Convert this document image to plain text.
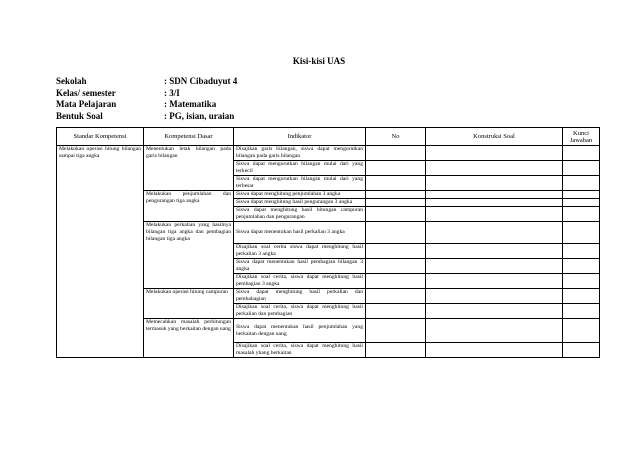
Kisi-kisi UAS
Sekolah	: SDN Cibaduyut 4
Kelas/ semester	: 3/I
Mata Pelajaran	: Matematika
Bentuk Soal	: PG, isian, uraian
Standar Kompetensi	Kompetensi Dasar	Indikator	No	Konstruksi Soal	Kunci Jawaban
Melakukan operasi hitung bilangan sampai tiga angka	Menentukan letak bilangan pada garis bilangan	Disajikan garis bilangan, siswa dapat mengurutkan bilangan pada garis bilangan			
		Siswa dapat mengurutkan bilangan mulai dari yang terkecil			
		Siswa dapat mengurutkan bilangan mulai dari yang terbesar			
	Melakukan penjumlahan dan pengurangan tiga angka	Siswa dapat menghitung penjumlahan 3 angka			
		Siswa dapat menghitung hasil pengurangan 3 angka			
		Siswa dapat menghitung hasil hitungan campuran penjumlahan dan pengurangan			
	Melakukan perkalian yang hasilnya bilangan tiga angka dan pembagian bilangan tiga angka	Siswa dapat menentukan hasil perkalian 3 angka			
		Disajikan soal cerita siswa dapat menghitung hasil perkalian 3 angka			
		Siswa dapat menentukan hasil pembagian bilangan 3 angka			
		Disajikan soal cerita, siswa dapat menghitung hasil pembagian 3 angka			
	Melakukan operasi hitung campuran	Siswa dapat menghitung hasil perkalian dan pembahagian			
		Disajikan soal cerita, siswa dapat menghitung hasil perkalian dan pembagian			
	Memecahkan masalah perhitungan termasuk yang berkaitan dengan uang	Siswa dapat menentukan hasil penjumlahan yang berkaitan dengan uang			
		Disajikan soal cerita, siswa dapat menghitung hasil masalah yhang berkaitan			
